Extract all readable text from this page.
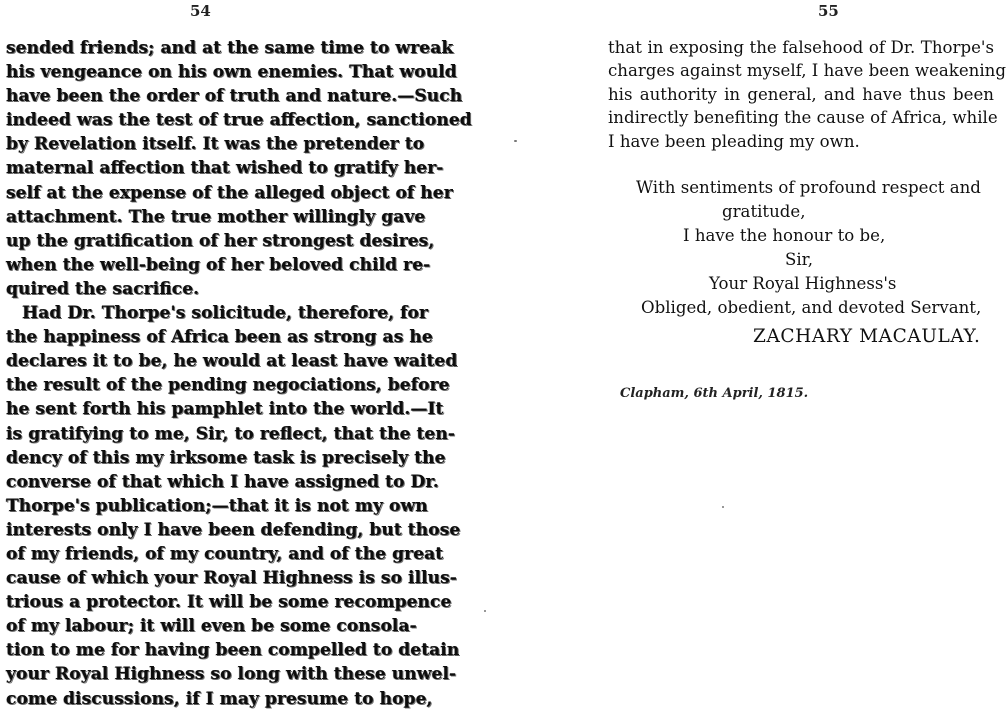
54
sended friends; and at the same time to wreak
his vengeance on his own enemies. That would
have been the order of truth and nature.—Such
indeed was the test of true affection, sanctioned
by Revelation itself. It was the pretender to
maternal affection that wished to gratify her-
self at the expense of the alleged object of her
attachment. The true mother willingly gave
up the gratification of her strongest desires,
when the well-being of her beloved child re-
quired the sacrifice.
Had Dr. Thorpe's solicitude, therefore, for
the happiness of Africa been as strong as he
declares it to be, he would at least have waited
the result of the pending negociations, before
he sent forth his pamphlet into the world.—It
is gratifying to me, Sir, to reflect, that the ten-
dency of this my irksome task is precisely the
converse of that which I have assigned to Dr.
Thorpe's publication;—that it is not my own
interests only I have been defending, but those
of my friends, of my country, and of the great
cause of which your Royal Highness is so illus-
trious a protector. It will be some recompence
of my labour; it will even be some consola-
tion to me for having been compelled to detain
your Royal Highness so long with these unwel-
come discussions, if I may presume to hope,
55
that in exposing the falsehood of Dr. Thorpe's
charges against myself, I have been weakening
his authority in general, and have thus been
indirectly benefiting the cause of Africa, while
I have been pleading my own.
With sentiments of profound respect and
gratitude,
I have the honour to be,
Sir,
Your Royal Highness's
Obliged, obedient, and devoted Servant,
ZACHARY MACAULAY.
Clapham, 6th April, 1815.
